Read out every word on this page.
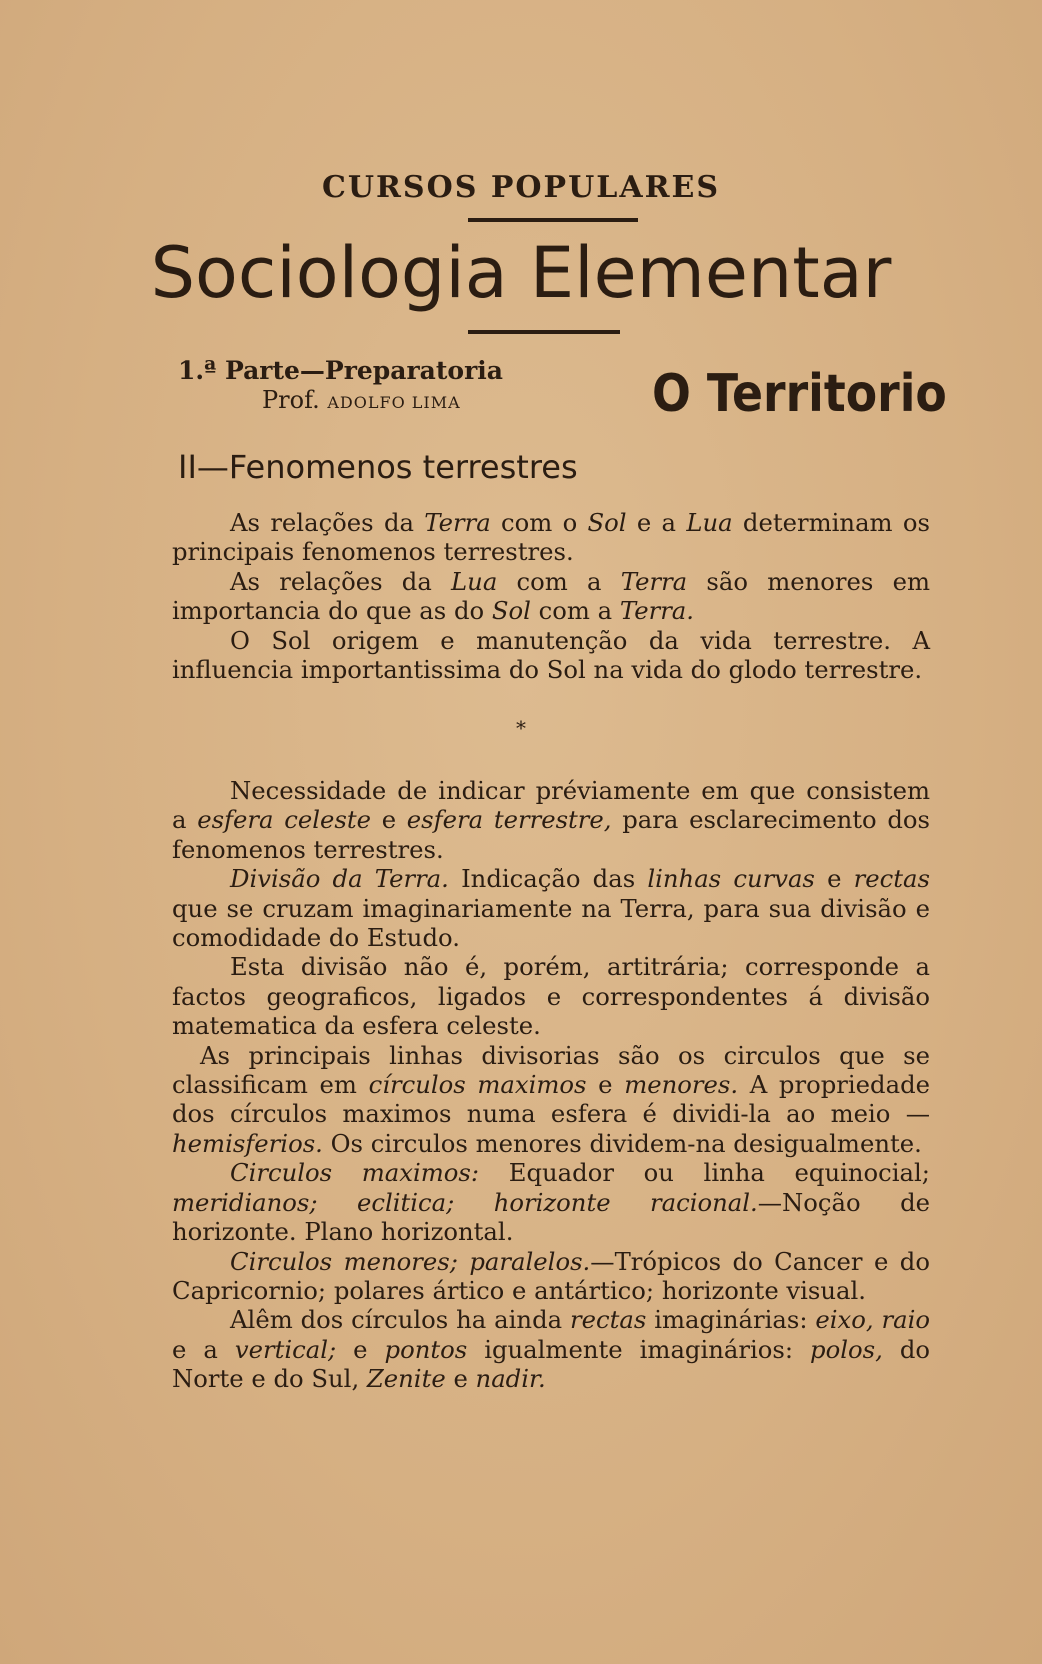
CURSOS POPULARES
Sociologia Elementar
1.ª Parte—Preparatoria
Prof. ADOLFO LIMA	O Territorio
II—Fenomenos terrestres

As relações da Terra com o Sol e a Lua determinam os principais fenomenos terrestres.

As relações da Lua com a Terra são menores em importancia do que as do Sol com a Terra.

O Sol origem e manutenção da vida terrestre. A influencia importantissima do Sol na vida do glodo terrestre.

*

Necessidade de indicar préviamente em que consistem a esfera celeste e esfera terrestre, para esclarecimento dos fenomenos terrestres.

Divisão da Terra. Indicação das linhas curvas e rectas que se cruzam imaginariamente na Terra, para sua divisão e comodidade do Estudo.

Esta divisão não é, porém, artitrária; corresponde a factos geograficos, ligados e correspondentes á divisão matematica da esfera celeste.

As principais linhas divisorias são os circulos que se classificam em círculos maximos e menores. A propriedade dos círculos maximos numa esfera é dividi-la ao meio —hemisferios. Os circulos menores dividem-na desigualmente.

Circulos maximos: Equador ou linha equinocial; meridianos; eclitica; horizonte racional.—Noção de horizonte. Plano horizontal.

Circulos menores; paralelos.—Trópicos do Cancer e do Capricornio; polares ártico e antártico; horizonte visual.

Alêm dos círculos ha ainda rectas imaginárias: eixo, raio e a vertical; e pontos igualmente imaginários: polos, do Norte e do Sul, Zenite e nadir.
